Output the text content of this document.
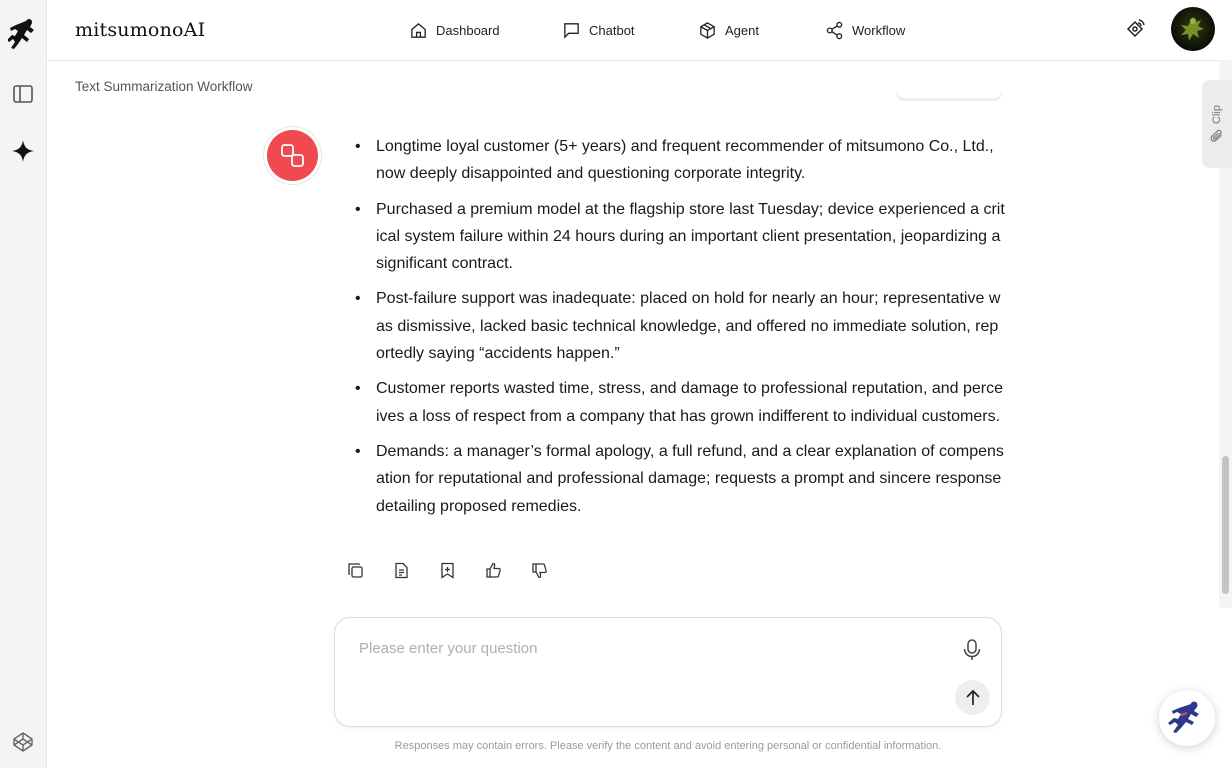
mitsumonoAI	Dashboard	Chatbot	Agent	Workflow
Text Summarization Workflow
• Longtime loyal customer (5+ years) and frequent recommender of mitsumono Co., Ltd., now deeply disappointed and questioning corporate integrity.
• Purchased a premium model at the flagship store last Tuesday; device experienced a critical system failure within 24 hours during an important client presentation, jeopardizing a significant contract.
• Post-failure support was inadequate: placed on hold for nearly an hour; representative was dismissive, lacked basic technical knowledge, and offered no immediate solution, reportedly saying “accidents happen.”
• Customer reports wasted time, stress, and damage to professional reputation, and perceives a loss of respect from a company that has grown indifferent to individual customers.
• Demands: a manager’s formal apology, a full refund, and a clear explanation of compensation for reputational and professional damage; requests a prompt and sincere response detailing proposed remedies.
Clip
Please enter your question
Responses may contain errors. Please verify the content and avoid entering personal or confidential information.
